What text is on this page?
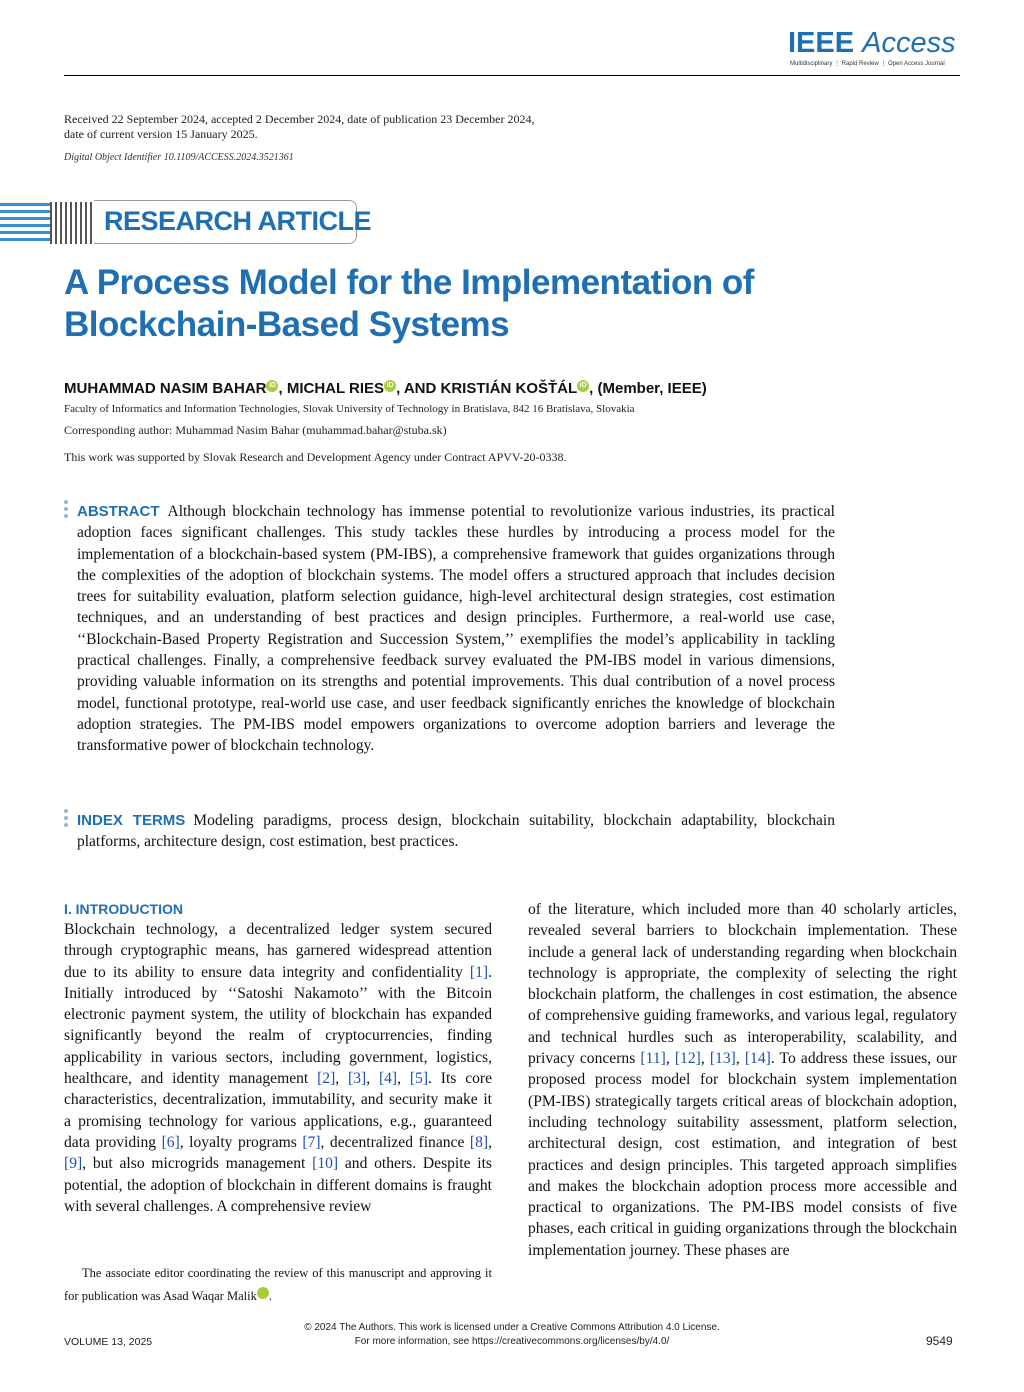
IEEE Access
Multidisciplinary ⋮ Rapid Review ⋮ Open Access Journal
Received 22 September 2024, accepted 2 December 2024, date of publication 23 December 2024,
date of current version 15 January 2025.
Digital Object Identifier 10.1109/ACCESS.2024.3521361
RESEARCH ARTICLE
A Process Model for the Implementation of
Blockchain-Based Systems
MUHAMMAD NASIM BAHAR iD , MICHAL RIES iD , AND KRISTIÁN KOŠŤÁL iD , (Member, IEEE)
Faculty of Informatics and Information Technologies, Slovak University of Technology in Bratislava, 842 16 Bratislava, Slovakia
Corresponding author: Muhammad Nasim Bahar (muhammad.bahar@stuba.sk)
This work was supported by Slovak Research and Development Agency under Contract APVV-20-0338.
ABSTRACT Although blockchain technology has immense potential to revolutionize various industries, its practical adoption faces significant challenges. This study tackles these hurdles by introducing a process model for the implementation of a blockchain-based system (PM-IBS), a comprehensive framework that guides organizations through the complexities of the adoption of blockchain systems. The model offers a structured approach that includes decision trees for suitability evaluation, platform selection guidance, high-level architectural design strategies, cost estimation techniques, and an understanding of best practices and design principles. Furthermore, a real-world use case, ‘‘Blockchain-Based Property Registration and Succession System,’’ exemplifies the model’s applicability in tackling practical challenges. Finally, a comprehensive feedback survey evaluated the PM-IBS model in various dimensions, providing valuable information on its strengths and potential improvements. This dual contribution of a novel process model, functional prototype, real-world use case, and user feedback significantly enriches the knowledge of blockchain adoption strategies. The PM-IBS model empowers organizations to overcome adoption barriers and leverage the transformative power of blockchain technology.
INDEX TERMS Modeling paradigms, process design, blockchain suitability, blockchain adaptability, blockchain platforms, architecture design, cost estimation, best practices.
I. INTRODUCTION
Blockchain technology, a decentralized ledger system secured through cryptographic means, has garnered widespread attention due to its ability to ensure data integrity and confidentiality [1]. Initially introduced by ‘‘Satoshi Nakamoto’’ with the Bitcoin electronic payment system, the utility of blockchain has expanded significantly beyond the realm of cryptocurrencies, finding applicability in various sectors, including government, logistics, healthcare, and identity management [2], [3], [4], [5]. Its core characteristics, decentralization, immutability, and security make it a promising technology for various applications, e.g., guaranteed data providing [6], loyalty programs [7], decentralized finance [8], [9], but also microgrids management [10] and others. Despite its potential, the adoption of blockchain in different domains is fraught with several challenges. A comprehensive review
The associate editor coordinating the review of this manuscript and approving it for publication was Asad Waqar Malik	iD.
of the literature, which included more than 40 scholarly articles, revealed several barriers to blockchain implementation. These include a general lack of understanding regarding when blockchain technology is appropriate, the complexity of selecting the right blockchain platform, the challenges in cost estimation, the absence of comprehensive guiding frameworks, and various legal, regulatory and technical hurdles such as interoperability, scalability, and privacy concerns [11], [12], [13], [14]. To address these issues, our proposed process model for blockchain system implementation (PM-IBS) strategically targets critical areas of blockchain adoption, including technology suitability assessment, platform selection, architectural design, cost estimation, and integration of best practices and design principles. This targeted approach simplifies and makes the blockchain adoption process more accessible and practical to organizations. The PM-IBS model consists of five phases, each critical in guiding organizations through the blockchain implementation journey. These phases are
© 2024 The Authors. This work is licensed under a Creative Commons Attribution 4.0 License.
For more information, see https://creativecommons.org/licenses/by/4.0/
VOLUME 13, 2025	9549
